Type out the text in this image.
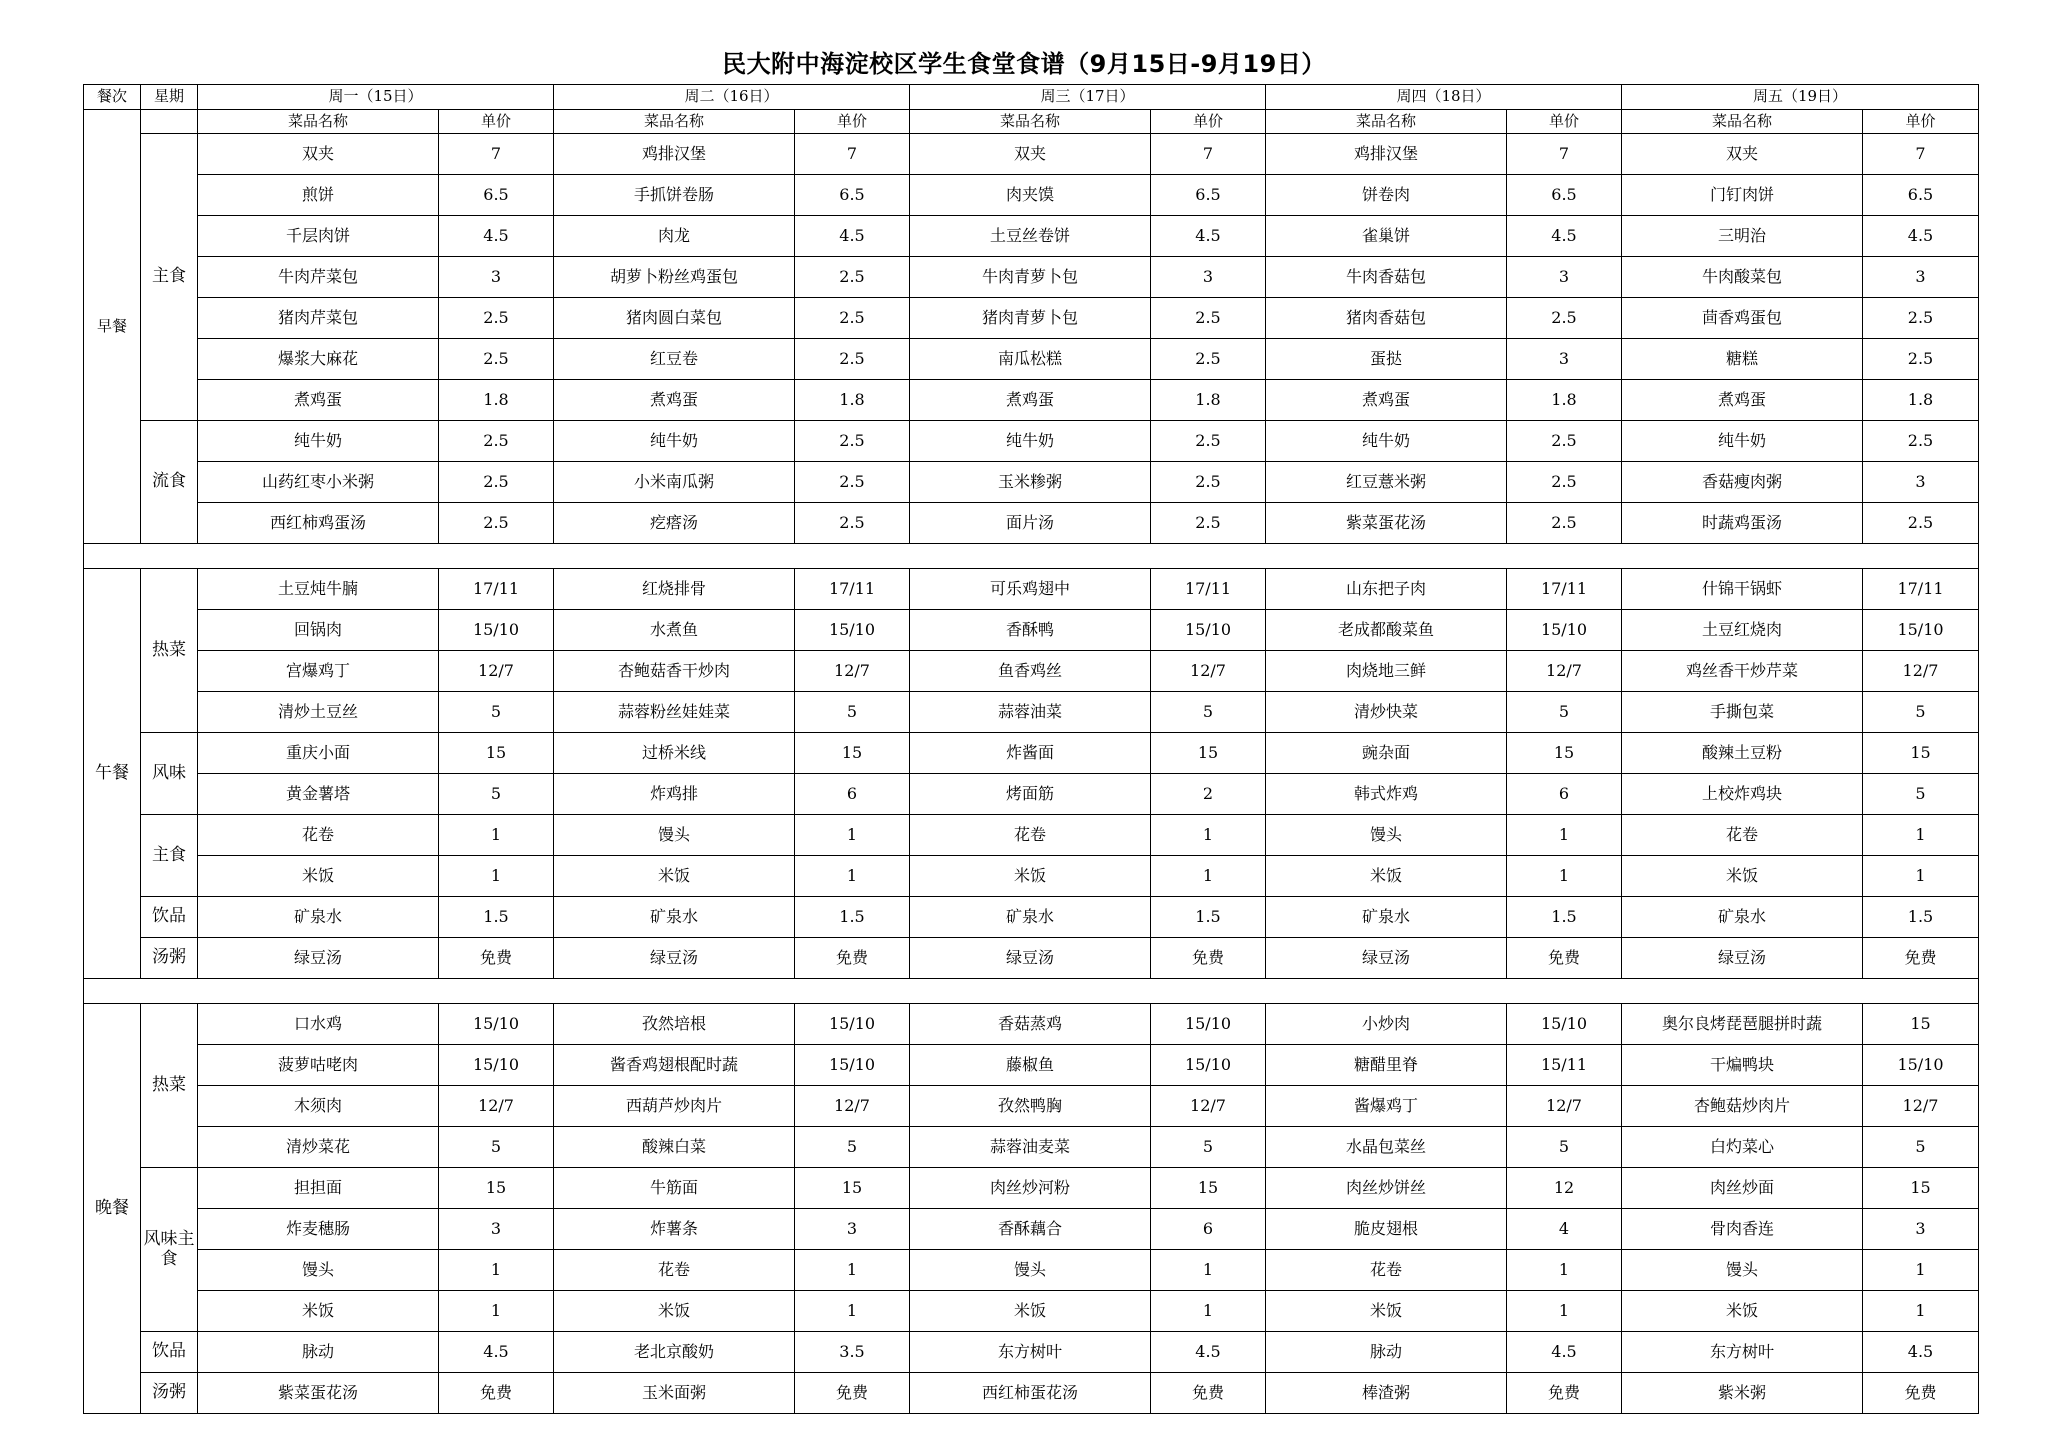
民大附中海淀校区学生食堂食谱（9月15日-9月19日）
餐次	星期	周一（15日）		周二（16日）		周三（17日）		周四（18日）		周五（19日）	
早餐		菜品名称	单价	菜品名称	单价	菜品名称	单价	菜品名称	单价	菜品名称	单价
	主食	双夹	7	鸡排汉堡	7	双夹	7	鸡排汉堡	7	双夹	7
		煎饼	6.5	手抓饼卷肠	6.5	肉夹馍	6.5	饼卷肉	6.5	门钉肉饼	6.5
		千层肉饼	4.5	肉龙	4.5	土豆丝卷饼	4.5	雀巢饼	4.5	三明治	4.5
		牛肉芹菜包	3	胡萝卜粉丝鸡蛋包	2.5	牛肉青萝卜包	3	牛肉香菇包	3	牛肉酸菜包	3
		猪肉芹菜包	2.5	猪肉圆白菜包	2.5	猪肉青萝卜包	2.5	猪肉香菇包	2.5	茴香鸡蛋包	2.5
		爆浆大麻花	2.5	红豆卷	2.5	南瓜松糕	2.5	蛋挞	3	糖糕	2.5
		煮鸡蛋	1.8	煮鸡蛋	1.8	煮鸡蛋	1.8	煮鸡蛋	1.8	煮鸡蛋	1.8
	流食	纯牛奶	2.5	纯牛奶	2.5	纯牛奶	2.5	纯牛奶	2.5	纯牛奶	2.5
		山药红枣小米粥	2.5	小米南瓜粥	2.5	玉米糁粥	2.5	红豆薏米粥	2.5	香菇瘦肉粥	3
		西红柿鸡蛋汤	2.5	疙瘩汤	2.5	面片汤	2.5	紫菜蛋花汤	2.5	时蔬鸡蛋汤	2.5

午餐	热菜	土豆炖牛腩	17/11	红烧排骨	17/11	可乐鸡翅中	17/11	山东把子肉	17/11	什锦干锅虾	17/11
		回锅肉	15/10	水煮鱼	15/10	香酥鸭	15/10	老成都酸菜鱼	15/10	土豆红烧肉	15/10
		宫爆鸡丁	12/7	杏鲍菇香干炒肉	12/7	鱼香鸡丝	12/7	肉烧地三鲜	12/7	鸡丝香干炒芹菜	12/7
		清炒土豆丝	5	蒜蓉粉丝娃娃菜	5	蒜蓉油菜	5	清炒快菜	5	手撕包菜	5
	风味	重庆小面	15	过桥米线	15	炸酱面	15	豌杂面	15	酸辣土豆粉	15
		黄金薯塔	5	炸鸡排	6	烤面筋	2	韩式炸鸡	6	上校炸鸡块	5
	主食	花卷	1	馒头	1	花卷	1	馒头	1	花卷	1
		米饭	1	米饭	1	米饭	1	米饭	1	米饭	1
	饮品	矿泉水	1.5	矿泉水	1.5	矿泉水	1.5	矿泉水	1.5	矿泉水	1.5
	汤粥	绿豆汤	免费	绿豆汤	免费	绿豆汤	免费	绿豆汤	免费	绿豆汤	免费

晚餐	热菜	口水鸡	15/10	孜然培根	15/10	香菇蒸鸡	15/10	小炒肉	15/10	奥尔良烤琵琶腿拼时蔬	15
		菠萝咕咾肉	15/10	酱香鸡翅根配时蔬	15/10	藤椒鱼	15/10	糖醋里脊	15/11	干煸鸭块	15/10
		木须肉	12/7	西葫芦炒肉片	12/7	孜然鸭胸	12/7	酱爆鸡丁	12/7	杏鲍菇炒肉片	12/7
		清炒菜花	5	酸辣白菜	5	蒜蓉油麦菜	5	水晶包菜丝	5	白灼菜心	5
	风味主食	担担面	15	牛筋面	15	肉丝炒河粉	15	肉丝炒饼丝	12	肉丝炒面	15
		炸麦穗肠	3	炸薯条	3	香酥藕合	6	脆皮翅根	4	骨肉香连	3
		馒头	1	花卷	1	馒头	1	花卷	1	馒头	1
		米饭	1	米饭	1	米饭	1	米饭	1	米饭	1
	饮品	脉动	4.5	老北京酸奶	3.5	东方树叶	4.5	脉动	4.5	东方树叶	4.5
	汤粥	紫菜蛋花汤	免费	玉米面粥	免费	西红柿蛋花汤	免费	棒渣粥	免费	紫米粥	免费
